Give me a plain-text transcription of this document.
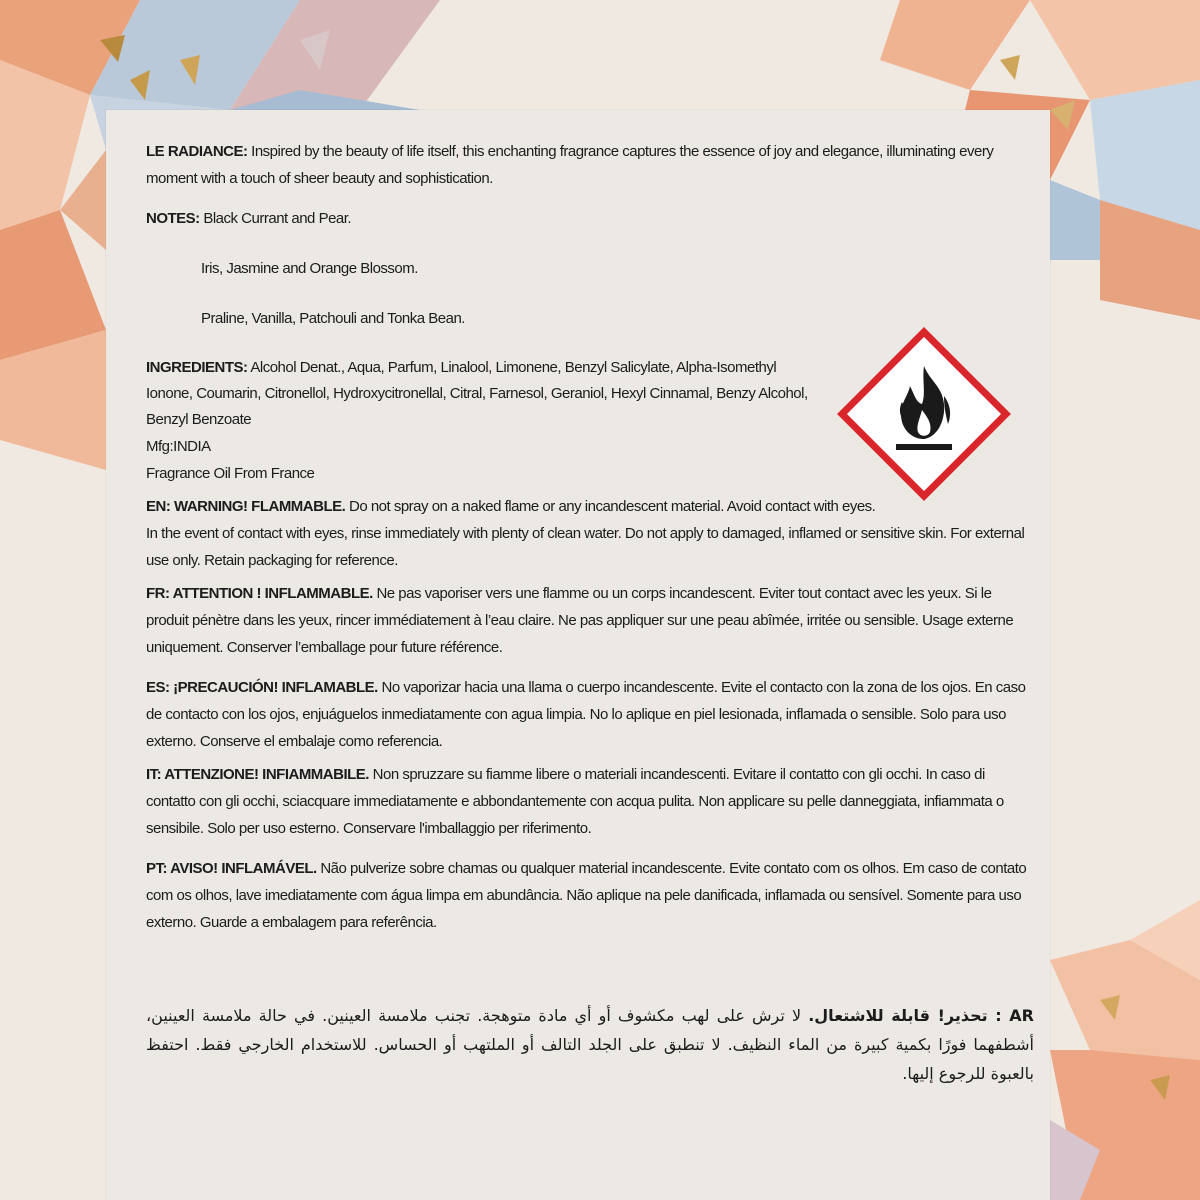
LE RADIANCE: Inspired by the beauty of life itself, this enchanting fragrance captures the essence of joy and elegance, illuminating every moment with a touch of sheer beauty and sophistication.

NOTES: Black Currant and Pear.

Iris, Jasmine and Orange Blossom.

Praline, Vanilla, Patchouli and Tonka Bean.

INGREDIENTS: Alcohol Denat., Aqua, Parfum, Linalool, Limonene, Benzyl Salicylate, Alpha-Isomethyl Ionone, Coumarin, Citronellol, Hydroxycitronellal, Citral, Farnesol, Geraniol, Hexyl Cinnamal, Benzy Alcohol, Benzyl Benzoate

Mfg:INDIA

Fragrance Oil From France

EN: WARNING! FLAMMABLE. Do not spray on a naked flame or any incandescent material. Avoid contact with eyes.

In the event of contact with eyes, rinse immediately with plenty of clean water. Do not apply to damaged, inflamed or sensitive skin. For external use only. Retain packaging for reference.

FR: ATTENTION ! INFLAMMABLE. Ne pas vaporiser vers une flamme ou un corps incandescent. Eviter tout contact avec les yeux. Si le produit pénètre dans les yeux, rincer immédiatement à l’eau claire. Ne pas appliquer sur une peau abîmée, irritée ou sensible. Usage externe uniquement. Conserver l’emballage pour future référence.

ES: ¡PRECAUCIÓN! INFLAMABLE. No vaporizar hacia una llama o cuerpo incandescente. Evite el contacto con la zona de los ojos. En caso de contacto con los ojos, enjuáguelos inmediatamente con agua limpia. No lo aplique en piel lesionada, inflamada o sensible. Solo para uso externo. Conserve el embalaje como referencia.

IT: ATTENZIONE! INFIAMMABILE. Non spruzzare su fiamme libere o materiali incandescenti. Evitare il contatto con gli occhi. In caso di contatto con gli occhi, sciacquare immediatamente e abbondantemente con acqua pulita. Non applicare su pelle danneggiata, infiammata o sensibile. Solo per uso esterno. Conservare l'imballaggio per riferimento.

PT: AVISO! INFLAMÁVEL. Não pulverize sobre chamas ou qualquer material incandescente. Evite contato com os olhos. Em caso de contato com os olhos, lave imediatamente com água limpa em abundância. Não aplique na pele danificada, inflamada ou sensível. Somente para uso externo. Guarde a embalagem para referência.

AR : تحذير! قابلة للاشتعال. لا ترش على لهب مكشوف أو أي مادة متوهجة. تجنب ملامسة العينين. في حالة ملامسة العينين، أشطفهما فورًا بكمية كبيرة من الماء النظيف. لا تنطبق على الجلد التالف أو الملتهب أو الحساس. للاستخدام الخارجي فقط. احتفظ بالعبوة للرجوع إليها.
